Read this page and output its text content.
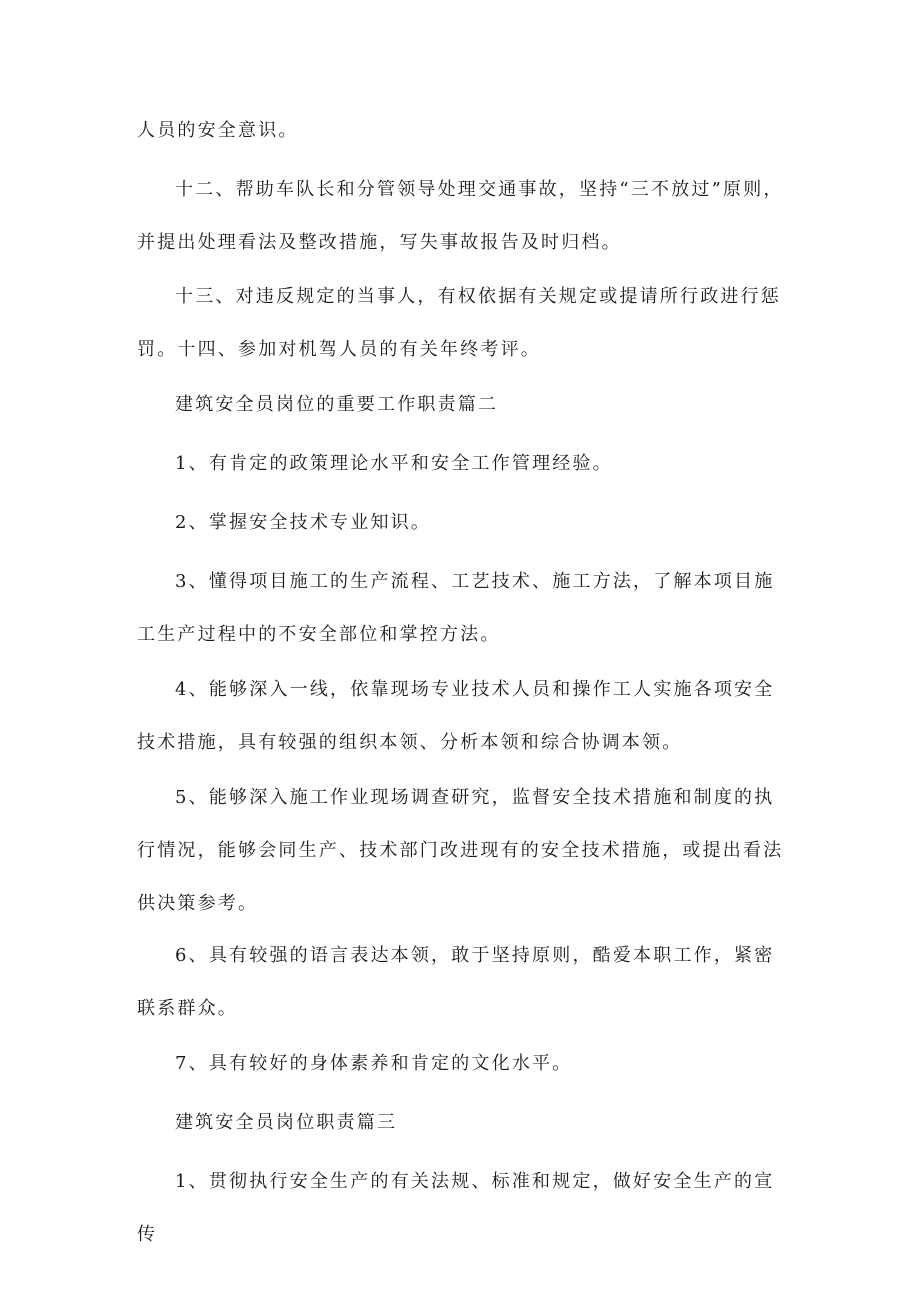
人员的安全意识。

十二、帮助车队长和分管领导处理交通事故，坚持“三不放过”原则，并提出处理看法及整改措施，写失事故报告及时归档。

十三、对违反规定的当事人，有权依据有关规定或提请所行政进行惩罚。十四、参加对机驾人员的有关年终考评。

建筑安全员岗位的重要工作职责篇二

1、有肯定的政策理论水平和安全工作管理经验。

2、掌握安全技术专业知识。

3、懂得项目施工的生产流程、工艺技术、施工方法，了解本项目施工生产过程中的不安全部位和掌控方法。

4、能够深入一线，依靠现场专业技术人员和操作工人实施各项安全技术措施，具有较强的组织本领、分析本领和综合协调本领。

5、能够深入施工作业现场调查研究，监督安全技术措施和制度的执行情况，能够会同生产、技术部门改进现有的安全技术措施，或提出看法供决策参考。

6、具有较强的语言表达本领，敢于坚持原则，酷爱本职工作，紧密联系群众。

7、具有较好的身体素养和肯定的文化水平。

建筑安全员岗位职责篇三

1、贯彻执行安全生产的有关法规、标准和规定，做好安全生产的宣传
